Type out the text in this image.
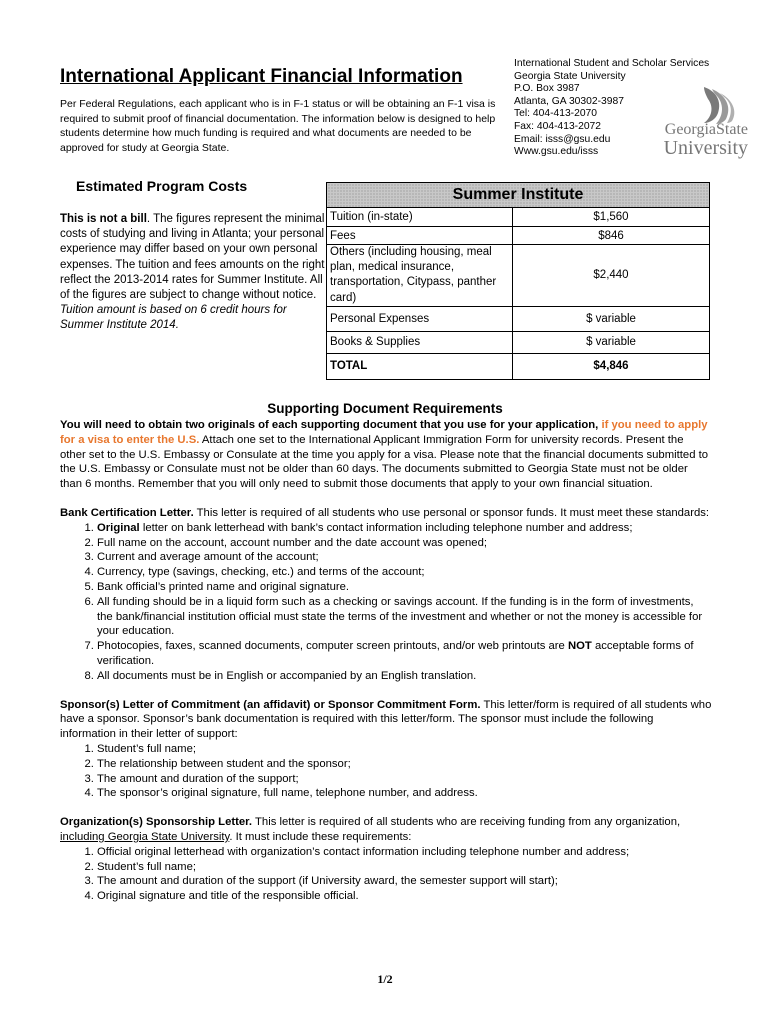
International Applicant Financial Information
Per Federal Regulations, each applicant who is in F-1 status or will be obtaining an F-1 visa is required to submit proof of financial documentation. The information below is designed to help students determine how much funding is required and what documents are needed to be approved for study at Georgia State.
International Student and Scholar Services
Georgia State University
P.O. Box 3987
Atlanta, GA 30302-3987
Tel: 404-413-2070
Fax: 404-413-2072
Email: isss@gsu.edu
Www.gsu.edu/isss
GeorgiaState
University
Estimated Program Costs
This is not a bill. The figures represent the minimal costs of studying and living in Atlanta; your personal experience may differ based on your own personal expenses. The tuition and fees amounts on the right reflect the 2013-2014 rates for Summer Institute. All of the figures are subject to change without notice.
Tuition amount is based on 6 credit hours for Summer Institute 2014.
Summer Institute	
Tuition (in-state)	$1,560
Fees	$846
Others (including housing, meal plan, medical insurance, transportation, Citypass, panther card)	$2,440
Personal Expenses	$ variable
Books & Supplies	$ variable
TOTAL	$4,846
Supporting Document Requirements

You will need to obtain two originals of each supporting document that you use for your application, if you need to apply for a visa to enter the U.S. Attach one set to the International Applicant Immigration Form for university records. Present the other set to the U.S. Embassy or Consulate at the time you apply for a visa. Please note that the financial documents submitted to the U.S. Embassy or Consulate must not be older than 60 days. The documents submitted to Georgia State must not be older than 6 months. Remember that you will only need to submit those documents that apply to your own financial situation.

Bank Certification Letter. This letter is required of all students who use personal or sponsor funds. It must meet these standards:

1. Original letter on bank letterhead with bank’s contact information including telephone number and address;
2. Full name on the account, account number and the date account was opened;
3. Current and average amount of the account;
4. Currency, type (savings, checking, etc.) and terms of the account;
5. Bank official’s printed name and original signature.
6. All funding should be in a liquid form such as a checking or savings account. If the funding is in the form of investments, the bank/financial institution official must state the terms of the investment and whether or not the money is accessible for your education.
7. Photocopies, faxes, scanned documents, computer screen printouts, and/or web printouts are NOT acceptable forms of verification.
8. All documents must be in English or accompanied by an English translation.

Sponsor(s) Letter of Commitment (an affidavit) or Sponsor Commitment Form. This letter/form is required of all students who have a sponsor. Sponsor’s bank documentation is required with this letter/form. The sponsor must include the following information in their letter of support:

1. Student’s full name;
2. The relationship between student and the sponsor;
3. The amount and duration of the support;
4. The sponsor’s original signature, full name, telephone number, and address.

Organization(s) Sponsorship Letter. This letter is required of all students who are receiving funding from any organization, including Georgia State University. It must include these requirements:

1. Official original letterhead with organization’s contact information including telephone number and address;
2. Student’s full name;
3. The amount and duration of the support (if University award, the semester support will start);
4. Original signature and title of the responsible official.
1/2
